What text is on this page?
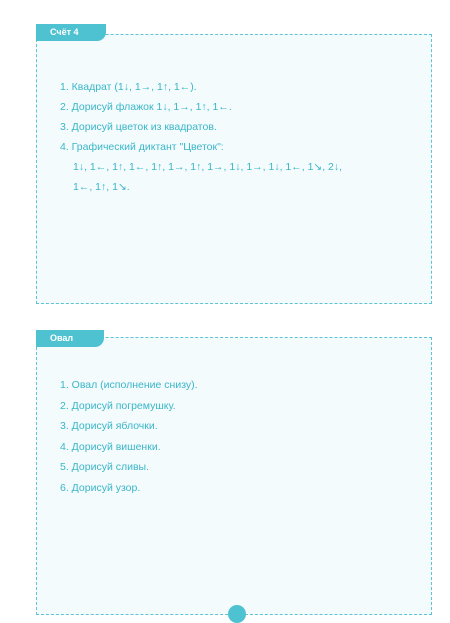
Счёт 4
1. Квадрат (1↓, 1→, 1↑, 1←).
2. Дорисуй флажок 1↓, 1→, 1↑, 1←.
3. Дорисуй цветок из квадратов.
4. Графический диктант "Цветок":
1↓, 1←, 1↑, 1←, 1↑, 1→, 1↑, 1→, 1↓, 1→, 1↓, 1←, 1↘, 2↓,
1←, 1↑, 1↘.
Овал
1. Овал (исполнение снизу).
2. Дорисуй погремушку.
3. Дорисуй яблочки.
4. Дорисуй вишенки.
5. Дорисуй сливы.
6. Дорисуй узор.
